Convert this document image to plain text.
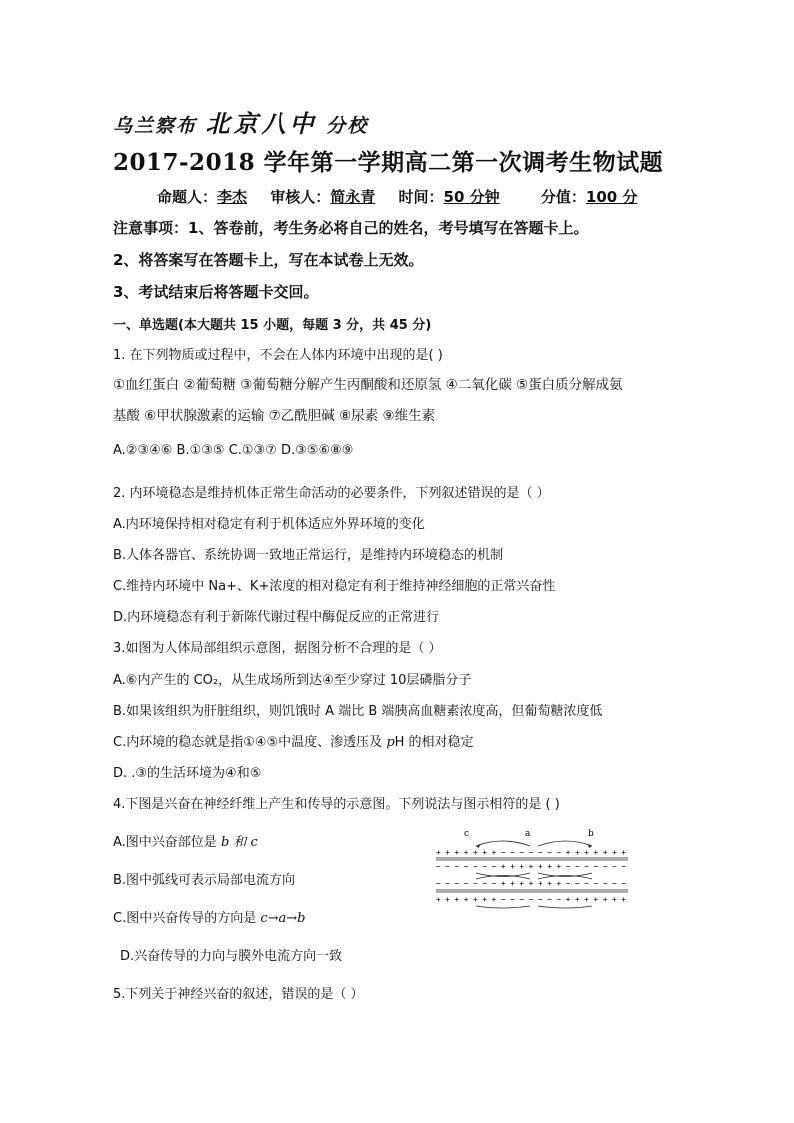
乌兰察布 北京八中 分校
2017-2018 学年第一学期高二第一次调考生物试题
命题人：李杰 审核人：简永青 时间：50 分钟	分值：100 分
注意事项：1、答卷前，考生务必将自己的姓名，考号填写在答题卡上。
2、将答案写在答题卡上，写在本试卷上无效。
3、考试结束后将答题卡交回。
一、单选题(本大题共 15 小题，每题 3 分，共 45 分)
1. 在下列物质或过程中，不会在人体内环境中出现的是( )
①血红蛋白 ②葡萄糖 ③葡萄糖分解产生丙酮酸和还原氢 ④二氧化碳 ⑤蛋白质分解成氨
基酸 ⑥甲状腺激素的运输 ⑦乙酰胆碱 ⑧尿素 ⑨维生素
A.②③④⑥ B.①③⑤ C.①③⑦ D.③⑤⑥⑧⑨
2. 内环境稳态是维持机体正常生命活动的必要条件，下列叙述错误的是（ ）
A.内环境保持相对稳定有利于机体适应外界环境的变化
B.人体各器官、系统协调一致地正常运行，是维持内环境稳态的机制
C.维持内环境中 Na+、K+浓度的相对稳定有利于维持神经细胞的正常兴奋性
D.内环境稳态有利于新陈代谢过程中酶促反应的正常进行
3.如图为人体局部组织示意图，据图分析不合理的是（ ）
A.⑥内产生的 CO₂，从生成场所到达④至少穿过 10层磷脂分子
B.如果该组织为肝脏组织，则饥饿时 A 端比 B 端胰高血糖素浓度高，但葡萄糖浓度低
C.内环境的稳态就是指①④⑤中温度、渗透压及 pH 的相对稳定
D. .③的生活环境为④和⑤
4.下图是兴奋在神经纤维上产生和传导的示意图。下列说法与图示相符的是 ( )
A.图中兴奋部位是 b 和 c
B.图中弧线可表示局部电流方向
C.图中兴奋传导的方向是 c→a→b
D.兴奋传导的力向与膜外电流方向一致
5.下列关于神经兴奋的叙述，错误的是（ ）
c	a	b
+ + + + + + + − − − − − − − + + + + + + +
− − − − − − − + + + + + + + − − − − − − −
− − − − − − − + + + + + + + − − − − − − −
+ + + + + + + − − − − − − − + + + + + + +
